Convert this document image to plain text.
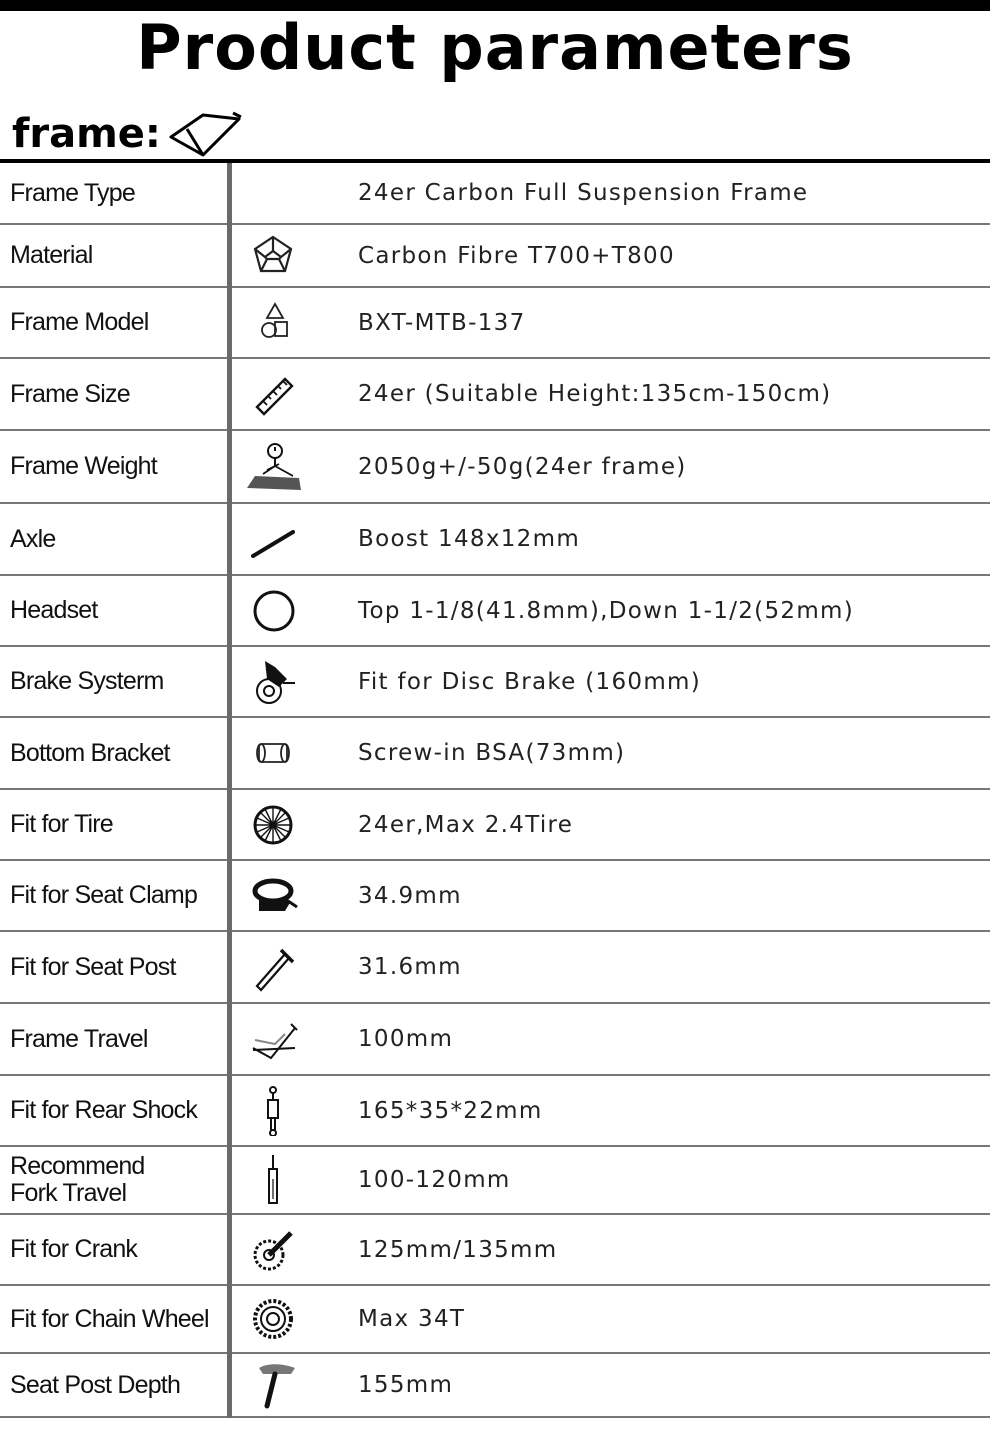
Product parameters
frame:
Frame Type	24er Carbon Full Suspension Frame
Material	Carbon Fibre T700+T800
Frame Model	BXT-MTB-137
Frame Size	24er (Suitable Height:135cm-150cm)
Frame Weight	2050g+/-50g(24er frame)
Axle	Boost 148x12mm
Headset	Top 1-1/8(41.8mm),Down 1-1/2(52mm)
Brake Systerm	Fit for Disc Brake (160mm)
Bottom Bracket	Screw-in BSA(73mm)
Fit for Tire	24er,Max 2.4Tire
Fit for Seat Clamp	34.9mm
Fit for Seat Post	31.6mm
Frame Travel	100mm
Fit for Rear Shock	165*35*22mm
Recommend
Fork Travel	100-120mm
Fit for Crank	125mm/135mm
Fit for Chain Wheel	Max 34T
Seat Post Depth	155mm
